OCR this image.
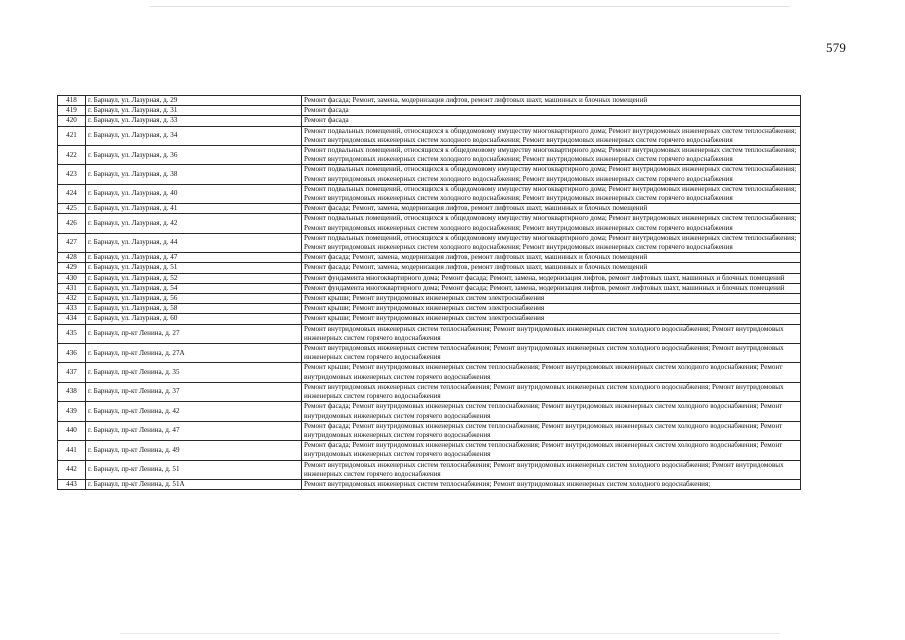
579
418	г. Барнаул, ул. Лазурная, д. 29	Ремонт фасада; Ремонт, замена, модернизация лифтов, ремонт лифтовых шахт, машинных и блочных помещений
419	г. Барнаул, ул. Лазурная, д. 31	Ремонт фасада
420	г. Барнаул, ул. Лазурная, д. 33	Ремонт фасада
421	г. Барнаул, ул. Лазурная, д. 34	Ремонт подвальных помещений, относящихся к общедомовому имуществу многоквартирного дома; Ремонт внутридомовых инженерных систем теплоснабжения; Ремонт внутридомовых инженерных систем холодного водоснабжения; Ремонт внутридомовых инженерных систем горячего водоснабжения
422	г. Барнаул, ул. Лазурная, д. 36	Ремонт подвальных помещений, относящихся к общедомовому имуществу многоквартирного дома; Ремонт внутридомовых инженерных систем теплоснабжения; Ремонт внутридомовых инженерных систем холодного водоснабжения; Ремонт внутридомовых инженерных систем горячего водоснабжения
423	г. Барнаул, ул. Лазурная, д. 38	Ремонт подвальных помещений, относящихся к общедомовому имуществу многоквартирного дома; Ремонт внутридомовых инженерных систем теплоснабжения; Ремонт внутридомовых инженерных систем холодного водоснабжения; Ремонт внутридомовых инженерных систем горячего водоснабжения
424	г. Барнаул, ул. Лазурная, д. 40	Ремонт подвальных помещений, относящихся к общедомовому имуществу многоквартирного дома; Ремонт внутридомовых инженерных систем теплоснабжения; Ремонт внутридомовых инженерных систем холодного водоснабжения; Ремонт внутридомовых инженерных систем горячего водоснабжения
425	г. Барнаул, ул. Лазурная, д. 41	Ремонт фасада; Ремонт, замена, модернизация лифтов, ремонт лифтовых шахт, машинных и блочных помещений
426	г. Барнаул, ул. Лазурная, д. 42	Ремонт подвальных помещений, относящихся к общедомовому имуществу многоквартирного дома; Ремонт внутридомовых инженерных систем теплоснабжения; Ремонт внутридомовых инженерных систем холодного водоснабжения; Ремонт внутридомовых инженерных систем горячего водоснабжения
427	г. Барнаул, ул. Лазурная, д. 44	Ремонт подвальных помещений, относящихся к общедомовому имуществу многоквартирного дома; Ремонт внутридомовых инженерных систем теплоснабжения; Ремонт внутридомовых инженерных систем холодного водоснабжения; Ремонт внутридомовых инженерных систем горячего водоснабжения
428	г. Барнаул, ул. Лазурная, д. 47	Ремонт фасада; Ремонт, замена, модернизация лифтов, ремонт лифтовых шахт, машинных и блочных помещений
429	г. Барнаул, ул. Лазурная, д. 51	Ремонт фасада; Ремонт, замена, модернизация лифтов, ремонт лифтовых шахт, машинных и блочных помещений
430	г. Барнаул, ул. Лазурная, д. 52	Ремонт фундамента многоквартирного дома; Ремонт фасада; Ремонт, замена, модернизация лифтов, ремонт лифтовых шахт, машинных и блочных помещений
431	г. Барнаул, ул. Лазурная, д. 54	Ремонт фундамента многоквартирного дома; Ремонт фасада; Ремонт, замена, модернизация лифтов, ремонт лифтовых шахт, машинных и блочных помещений
432	г. Барнаул, ул. Лазурная, д. 56	Ремонт крыши; Ремонт внутридомовых инженерных систем электроснабжения
433	г. Барнаул, ул. Лазурная, д. 58	Ремонт крыши; Ремонт внутридомовых инженерных систем электроснабжения
434	г. Барнаул, ул. Лазурная, д. 60	Ремонт крыши; Ремонт внутридомовых инженерных систем электроснабжения
435	г. Барнаул, пр-кт Ленина, д. 27	Ремонт внутридомовых инженерных систем теплоснабжения; Ремонт внутридомовых инженерных систем холодного водоснабжения; Ремонт внутридомовых инженерных систем горячего водоснабжения
436	г. Барнаул, пр-кт Ленина, д. 27А	Ремонт внутридомовых инженерных систем теплоснабжения; Ремонт внутридомовых инженерных систем холодного водоснабжения; Ремонт внутридомовых инженерных систем горячего водоснабжения
437	г. Барнаул, пр-кт Ленина, д. 35	Ремонт крыши; Ремонт внутридомовых инженерных систем теплоснабжения; Ремонт внутридомовых инженерных систем холодного водоснабжения; Ремонт внутридомовых инженерных систем горячего водоснабжения
438	г. Барнаул, пр-кт Ленина, д. 37	Ремонт внутридомовых инженерных систем теплоснабжения; Ремонт внутридомовых инженерных систем холодного водоснабжения; Ремонт внутридомовых инженерных систем горячего водоснабжения
439	г. Барнаул, пр-кт Ленина, д. 42	Ремонт фасада; Ремонт внутридомовых инженерных систем теплоснабжения; Ремонт внутридомовых инженерных систем холодного водоснабжения; Ремонт внутридомовых инженерных систем горячего водоснабжения
440	г. Барнаул, пр-кт Ленина, д. 47	Ремонт фасада; Ремонт внутридомовых инженерных систем теплоснабжения; Ремонт внутридомовых инженерных систем холодного водоснабжения; Ремонт внутридомовых инженерных систем горячего водоснабжения
441	г. Барнаул, пр-кт Ленина, д. 49	Ремонт фасада; Ремонт внутридомовых инженерных систем теплоснабжения; Ремонт внутридомовых инженерных систем холодного водоснабжения; Ремонт внутридомовых инженерных систем горячего водоснабжения
442	г. Барнаул, пр-кт Ленина, д. 51	Ремонт внутридомовых инженерных систем теплоснабжения; Ремонт внутридомовых инженерных систем холодного водоснабжения; Ремонт внутридомовых инженерных систем горячего водоснабжения
443	г. Барнаул, пр-кт Ленина, д. 51А	Ремонт внутридомовых инженерных систем теплоснабжения; Ремонт внутридомовых инженерных систем холодного водоснабжения;
